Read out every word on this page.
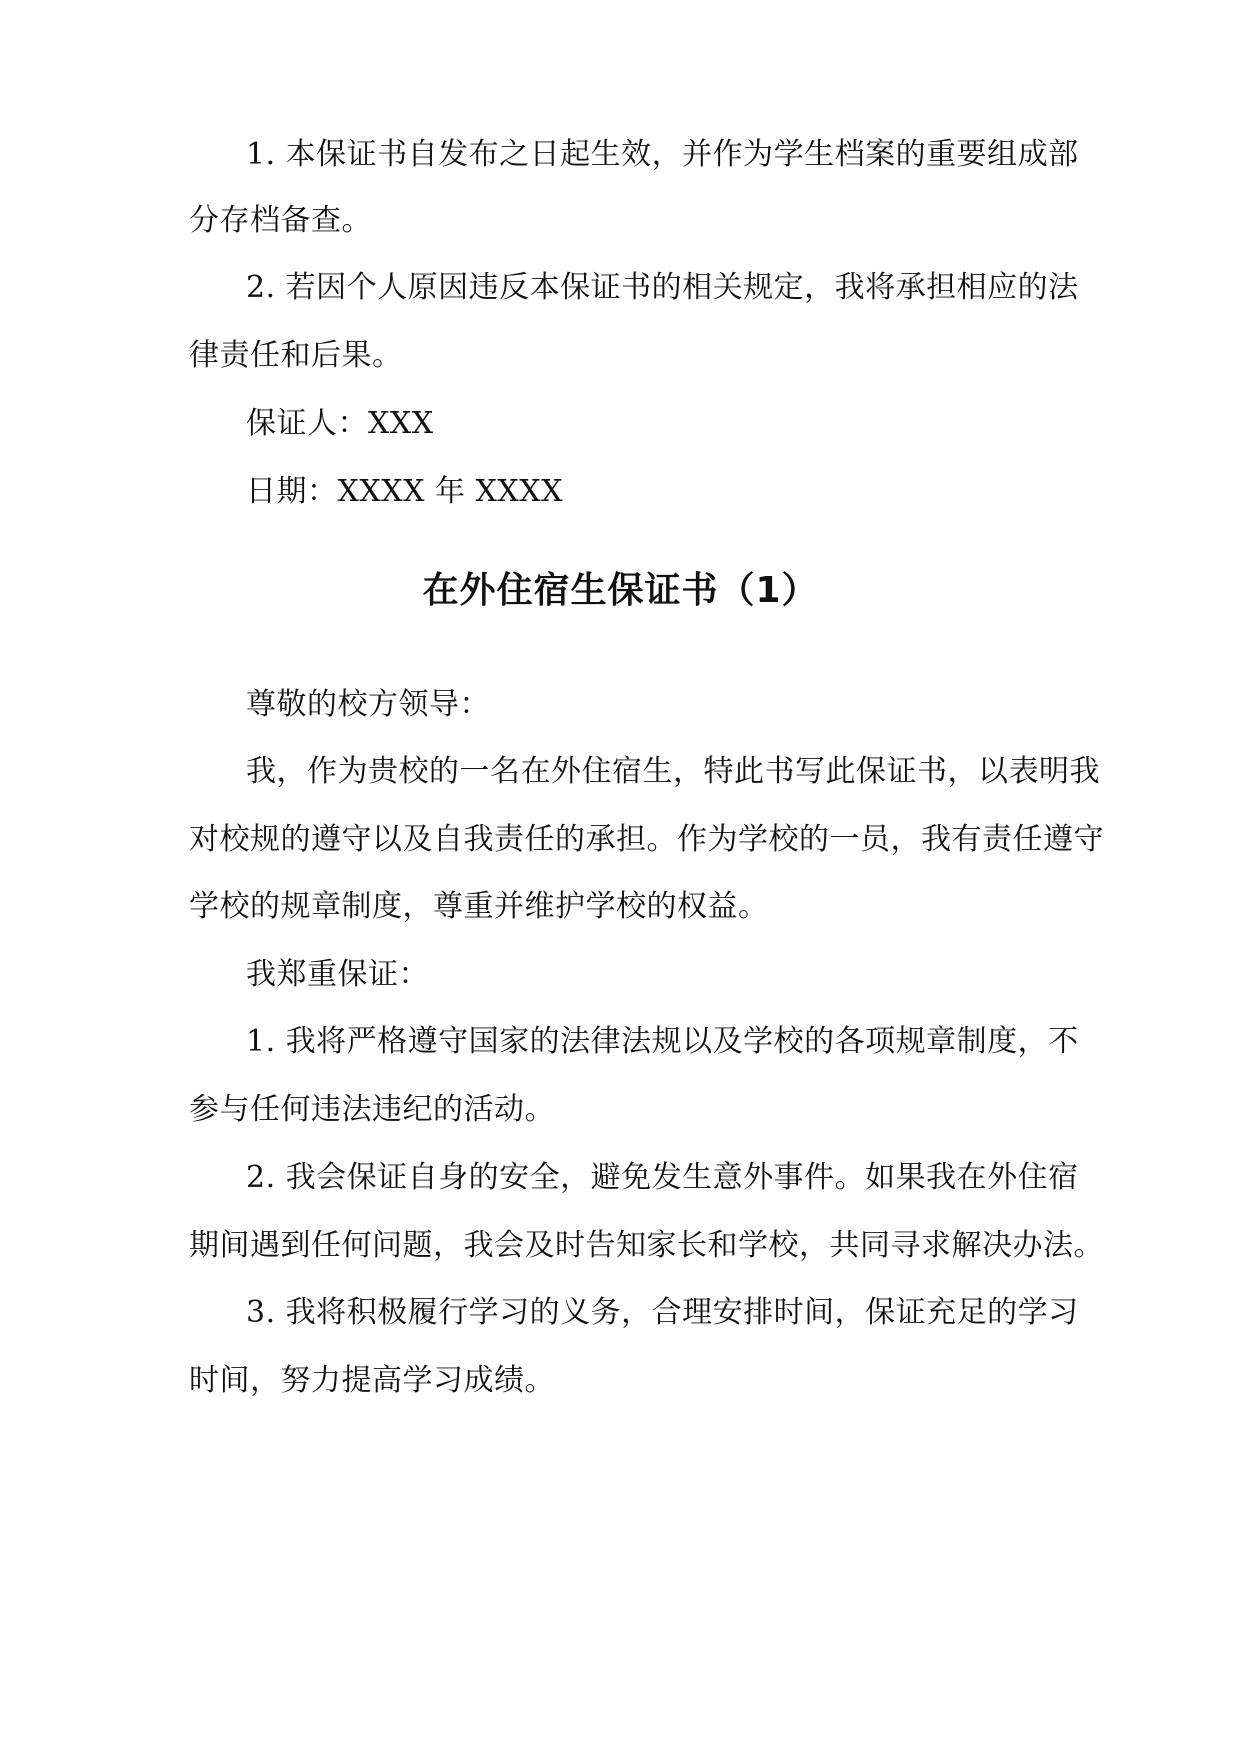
1. 本保证书自发布之日起生效，并作为学生档案的重要组成部
分存档备查。
2. 若因个人原因违反本保证书的相关规定，我将承担相应的法
律责任和后果。
保证人：XXX
日期：XXXX 年 XXXX
在外住宿生保证书（1）
尊敬的校方领导：
我，作为贵校的一名在外住宿生，特此书写此保证书，以表明我
对校规的遵守以及自我责任的承担。作为学校的一员，我有责任遵守
学校的规章制度，尊重并维护学校的权益。
我郑重保证：
1. 我将严格遵守国家的法律法规以及学校的各项规章制度，不
参与任何违法违纪的活动。
2. 我会保证自身的安全，避免发生意外事件。如果我在外住宿
期间遇到任何问题，我会及时告知家长和学校，共同寻求解决办法。
3. 我将积极履行学习的义务，合理安排时间，保证充足的学习
时间，努力提高学习成绩。
